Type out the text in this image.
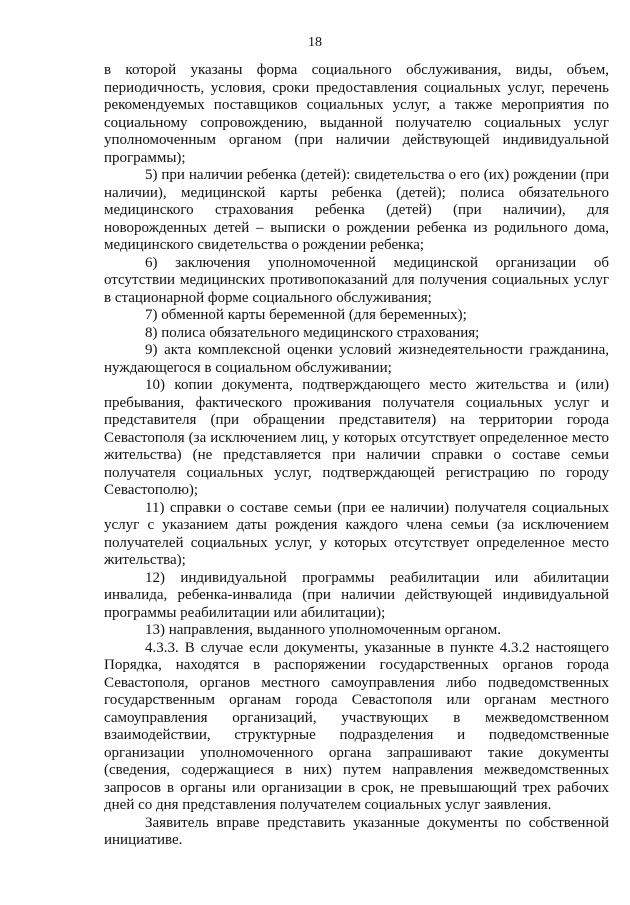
18

в которой указаны форма социального обслуживания, виды, объем, периодичность, условия, сроки предоставления социальных услуг, перечень рекомендуемых поставщиков социальных услуг, а также мероприятия по социальному сопровождению, выданной получателю социальных услуг уполномоченным органом (при наличии действующей индивидуальной программы);

5) при наличии ребенка (детей): свидетельства о его (их) рождении (при наличии), медицинской карты ребенка (детей); полиса обязательного медицинского страхования ребенка (детей) (при наличии), для новорожденных детей – выписки о рождении ребенка из родильного дома, медицинского свидетельства о рождении ребенка;

6) заключения уполномоченной медицинской организации об отсутствии медицинских противопоказаний для получения социальных услуг в стационарной форме социального обслуживания;

7) обменной карты беременной (для беременных);

8) полиса обязательного медицинского страхования;

9) акта комплексной оценки условий жизнедеятельности гражданина, нуждающегося в социальном обслуживании;

10) копии документа, подтверждающего место жительства и (или) пребывания, фактического проживания получателя социальных услуг и представителя (при обращении представителя) на территории города Севастополя (за исключением лиц, у которых отсутствует определенное место жительства) (не представляется при наличии справки о составе семьи получателя социальных услуг, подтверждающей регистрацию по городу Севастополю);

11) справки о составе семьи (при ее наличии) получателя социальных услуг с указанием даты рождения каждого члена семьи (за исключением получателей социальных услуг, у которых отсутствует определенное место жительства);

12) индивидуальной программы реабилитации или абилитации инвалида, ребенка-инвалида (при наличии действующей индивидуальной программы реабилитации или абилитации);

13) направления, выданного уполномоченным органом.

4.3.3. В случае если документы, указанные в пункте 4.3.2 настоящего Порядка, находятся в распоряжении государственных органов города Севастополя, органов местного самоуправления либо подведомственных государственным органам города Севастополя или органам местного самоуправления организаций, участвующих в межведомственном взаимодействии, структурные подразделения и подведомственные организации уполномоченного органа запрашивают такие документы (сведения, содержащиеся в них) путем направления межведомственных запросов в органы или организации в срок, не превышающий трех рабочих дней со дня представления получателем социальных услуг заявления.

Заявитель вправе представить указанные документы по собственной инициативе.
